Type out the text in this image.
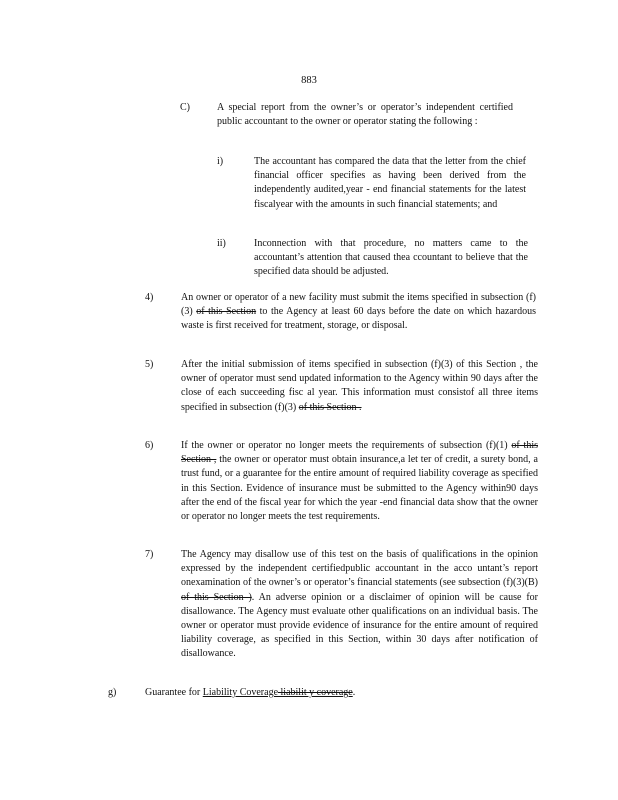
883
C)	A special report from the owner’s or operator’s independent certified public accountant to the owner or operator stating the following :
i)	The accountant has compared the data that the letter from the chief financial officer specifies as having been derived from the independently audited,year - end financial statements for the latest fiscalyear with the amounts in such financial statements; and
ii)	Inconnection with that procedure, no matters came to the accountant’s attention that caused thea ccountant to believe that the specified data should be adjusted.
4)	An owner or operator of a new facility must submit the items specified in subsection (f)(3) of this Section to the Agency at least 60 days before the date on which hazardous waste is first received for treatment, storage, or disposal.
5)	After the initial submission of items specified in subsection (f)(3) of this Section , the owner of operator must send updated information to the Agency within 90 days after the close of each succeeding fisc al year. This information must consistof all three items specified in subsection (f)(3) of this Section .
6)	If the owner or operator no longer meets the requirements of subsection (f)(1) of this Section , the owner or operator must obtain insurance,a let ter of credit, a surety bond, a trust fund, or a guarantee for the entire amount of required liability coverage as specified in this Section. Evidence of insurance must be submitted to the Agency within90 days after the end of the fiscal year for which the year -end financial data show that the owner or operator no longer meets the test requirements.
7)	The Agency may disallow use of this test on the basis of qualifications in the opinion expressed by the independent certifiedpublic accountant in the acco untant’s report onexamination of the owner’s or operator’s financial statements (see subsection (f)(3)(B) of this Section ). An adverse opinion or a disclaimer of opinion will be cause for disallowance. The Agency must evaluate other qualifications on an individual basis. The owner or operator must provide evidence of insurance for the entire amount of required liability coverage, as specified in this Section, within 30 days after notification of disallowance.
g)	Guarantee for Liability Coverage liabilit y coverage.
